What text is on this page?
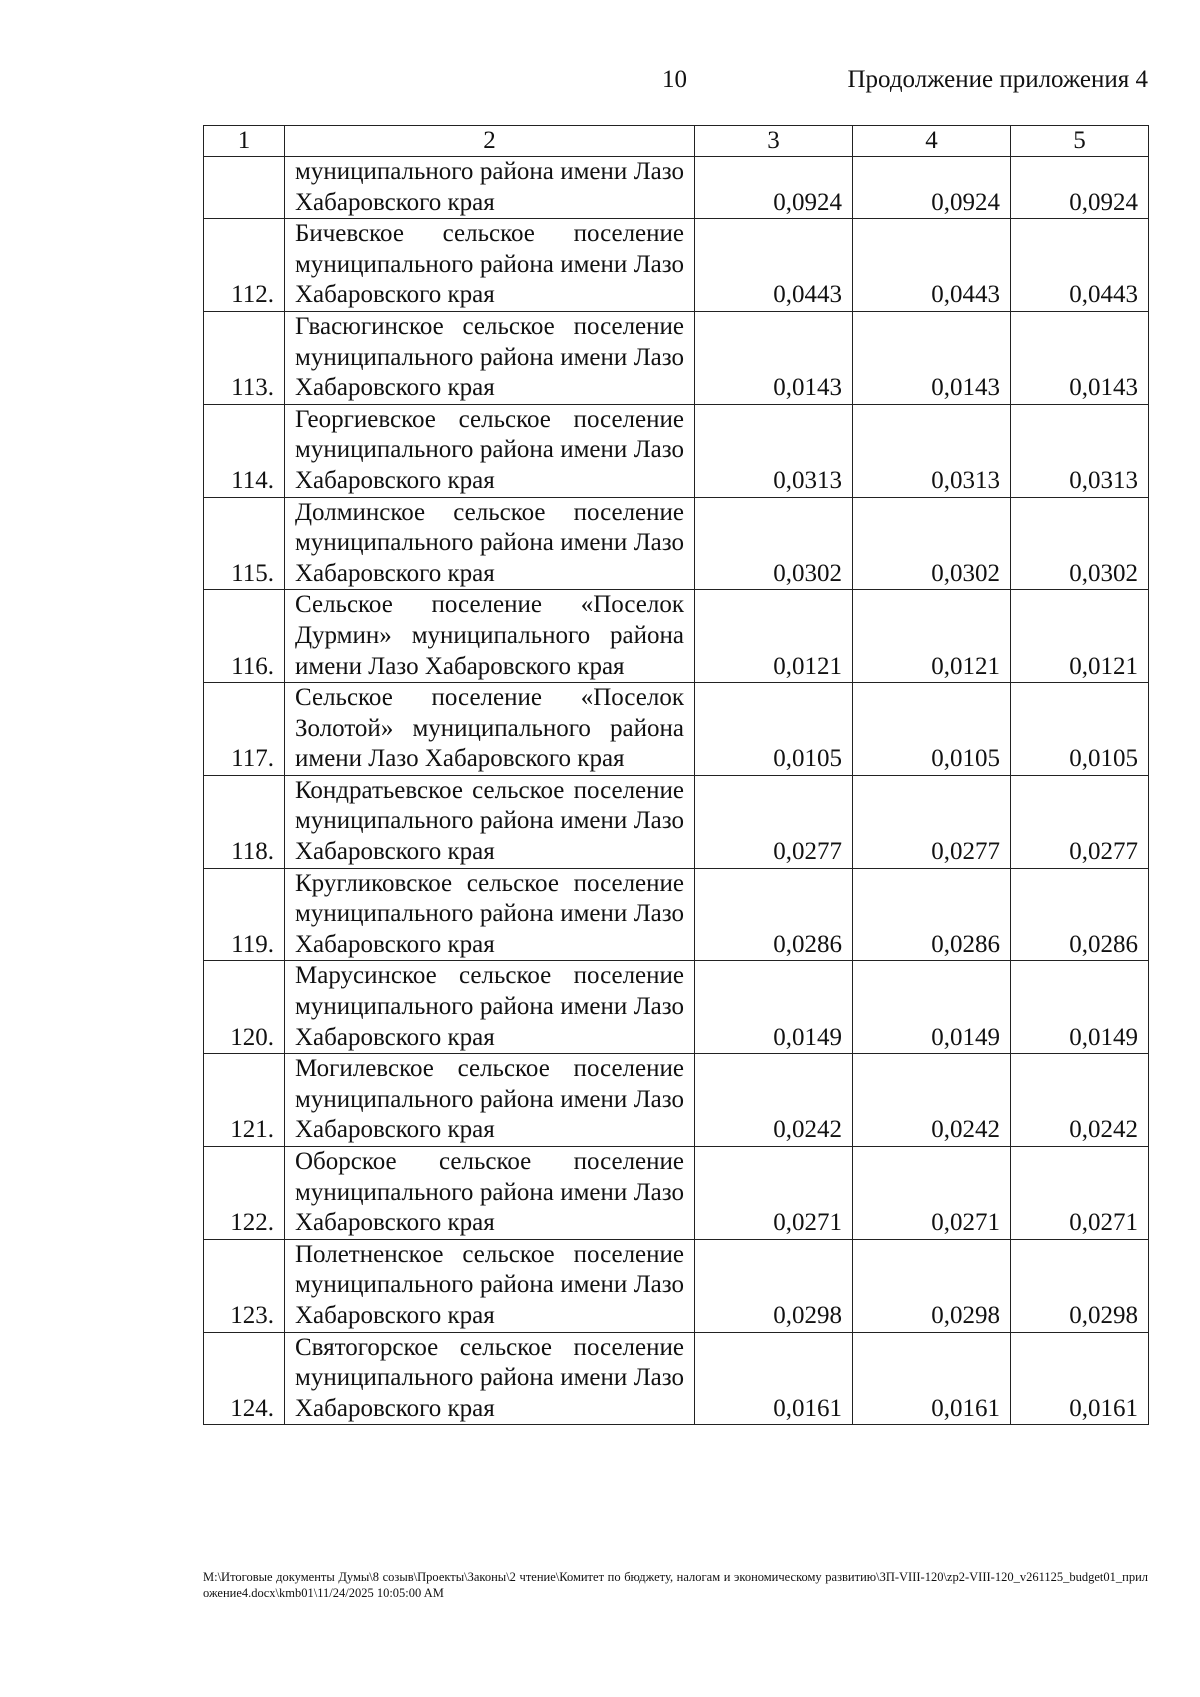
10	Продолжение приложения 4
1	2	3	4	5
	муниципального района имени Лазо Хабаровского края	0,0924	0,0924	0,0924
112.	Бичевское сельское поселение муниципального района имени Лазо Хабаровского края	0,0443	0,0443	0,0443
113.	Гвасюгинское сельское поселение муниципального района имени Лазо Хабаровского края	0,0143	0,0143	0,0143
114.	Георгиевское сельское поселение муниципального района имени Лазо Хабаровского края	0,0313	0,0313	0,0313
115.	Долминское сельское поселение муниципального района имени Лазо Хабаровского края	0,0302	0,0302	0,0302
116.	Сельское поселение «Поселок Дурмин» муниципального района имени Лазо Хабаровского края	0,0121	0,0121	0,0121
117.	Сельское поселение «Поселок Золотой» муниципального района имени Лазо Хабаровского края	0,0105	0,0105	0,0105
118.	Кондратьевское сельское поселение муниципального района имени Лазо Хабаровского края	0,0277	0,0277	0,0277
119.	Кругликовское сельское поселение муниципального района имени Лазо Хабаровского края	0,0286	0,0286	0,0286
120.	Марусинское сельское поселение муниципального района имени Лазо Хабаровского края	0,0149	0,0149	0,0149
121.	Могилевское сельское поселение муниципального района имени Лазо Хабаровского края	0,0242	0,0242	0,0242
122.	Оборское сельское поселение муниципального района имени Лазо Хабаровского края	0,0271	0,0271	0,0271
123.	Полетненское сельское поселение муниципального района имени Лазо Хабаровского края	0,0298	0,0298	0,0298
124.	Святогорское сельское поселение муниципального района имени Лазо Хабаровского края	0,0161	0,0161	0,0161
M:\Итоговые документы Думы\8 созыв\Проекты\Законы\2 чтение\Комитет по бюджету, налогам и экономическому развитию\ЗП-VIII-120\zp2-VIII-120_v261125_budget01_приложение4.docx\kmb01\11/24/2025 10:05:00 AM
